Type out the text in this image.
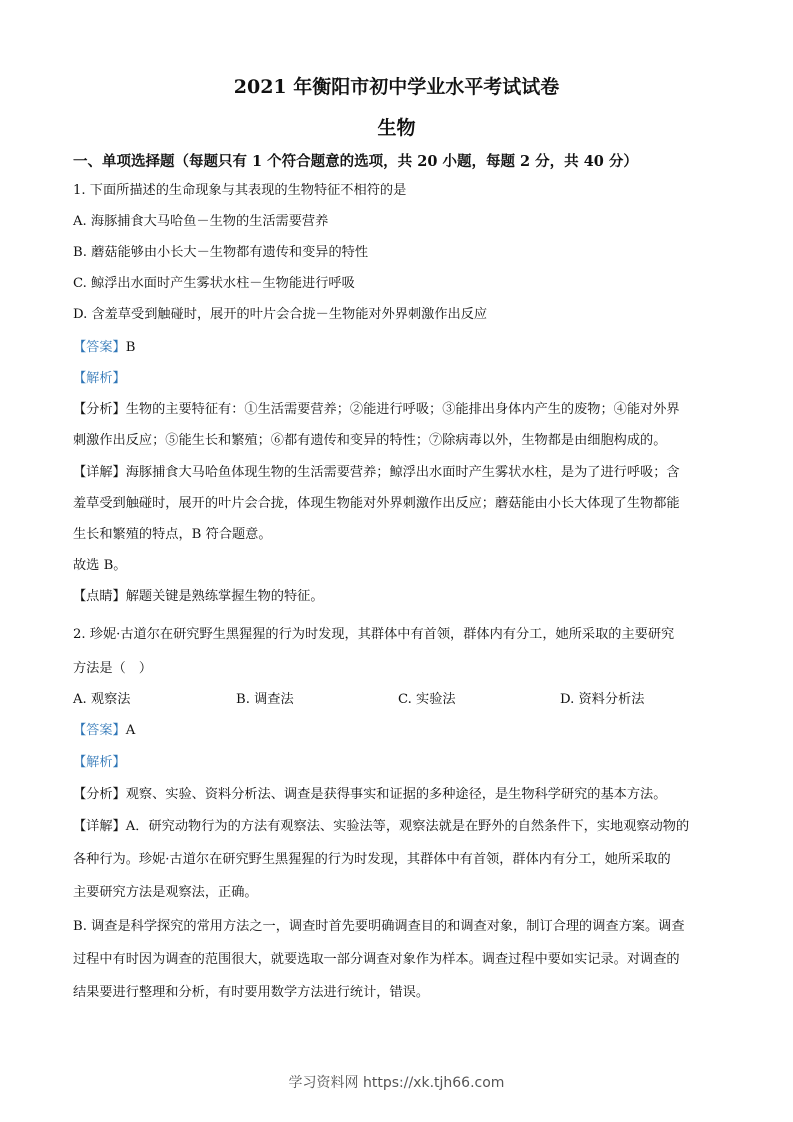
2021 年衡阳市初中学业水平考试试卷
生物
一、单项选择题（每题只有 1 个符合题意的选项，共 20 小题，每题 2 分，共 40 分）
1. 下面所描述的生命现象与其表现的生物特征不相符的是
A. 海豚捕食大马哈鱼－生物的生活需要营养
B. 蘑菇能够由小长大－生物都有遗传和变异的特性
C. 鲸浮出水面时产生雾状水柱－生物能进行呼吸
D. 含羞草受到触碰时，展开的叶片会合拢－生物能对外界刺激作出反应
【答案】B
【解析】
【分析】生物的主要特征有：①生活需要营养；②能进行呼吸；③能排出身体内产生的废物；④能对外界
刺激作出反应；⑤能生长和繁殖；⑥都有遗传和变异的特性；⑦除病毒以外，生物都是由细胞构成的。
【详解】海豚捕食大马哈鱼体现生物的生活需要营养；鲸浮出水面时产生雾状水柱，是为了进行呼吸；含
羞草受到触碰时，展开的叶片会合拢，体现生物能对外界刺激作出反应；蘑菇能由小长大体现了生物都能
生长和繁殖的特点，B 符合题意。
故选 B。
【点睛】解题关键是熟练掌握生物的特征。
2. 珍妮·古道尔在研究野生黑猩猩的行为时发现，其群体中有首领，群体内有分工，她所采取的主要研究
方法是（　）
A. 观察法	B. 调查法	C. 实验法	D. 资料分析法
【答案】A
【解析】
【分析】观察、实验、资料分析法、调查是获得事实和证据的多种途径，是生物科学研究的基本方法。
【详解】A．研究动物行为的方法有观察法、实验法等，观察法就是在野外的自然条件下，实地观察动物的
各种行为。珍妮·古道尔在研究野生黑猩猩的行为时发现，其群体中有首领，群体内有分工，她所采取的
主要研究方法是观察法，正确。
B. 调查是科学探究的常用方法之一，调查时首先要明确调查目的和调查对象，制订合理的调查方案。调查
过程中有时因为调查的范围很大，就要选取一部分调查对象作为样本。调查过程中要如实记录。对调查的
结果要进行整理和分析，有时要用数学方法进行统计，错误。
学习资料网 https://xk.tjh66.com
